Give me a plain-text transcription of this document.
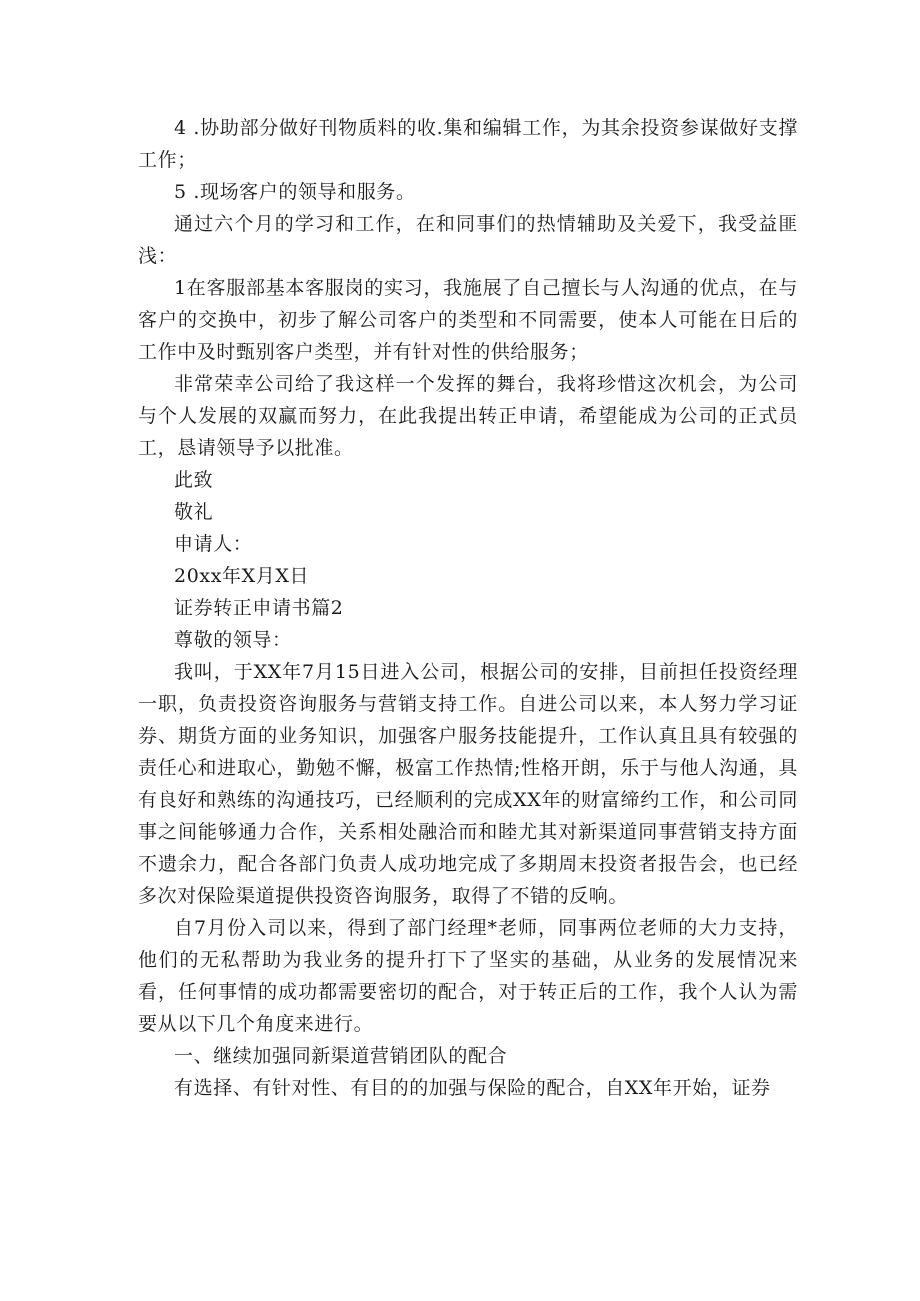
4 .协助部分做好刊物质料的收.集和编辑工作，为其余投资参谋做好支撑工作；

5 .现场客户的领导和服务。

通过六个月的学习和工作，在和同事们的热情辅助及关爱下，我受益匪浅：

1在客服部基本客服岗的实习，我施展了自己擅长与人沟通的优点，在与客户的交换中，初步了解公司客户的类型和不同需要，使本人可能在日后的工作中及时甄别客户类型，并有针对性的供给服务；

非常荣幸公司给了我这样一个发挥的舞台，我将珍惜这次机会，为公司与个人发展的双赢而努力，在此我提出转正申请，希望能成为公司的正式员工，恳请领导予以批准。

此致

敬礼

申请人：

20xx年X月X日

证券转正申请书篇2

尊敬的领导：

我叫，于XX年7月15日进入公司，根据公司的安排，目前担任投资经理一职，负责投资咨询服务与营销支持工作。自进公司以来，本人努力学习证券、期货方面的业务知识，加强客户服务技能提升，工作认真且具有较强的责任心和进取心，勤勉不懈，极富工作热情;性格开朗，乐于与他人沟通，具有良好和熟练的沟通技巧，已经顺利的完成XX年的财富缔约工作，和公司同事之间能够通力合作，关系相处融洽而和睦尤其对新渠道同事营销支持方面不遗余力，配合各部门负责人成功地完成了多期周末投资者报告会，也已经多次对保险渠道提供投资咨询服务，取得了不错的反响。

自7月份入司以来，得到了部门经理*老师，同事两位老师的大力支持，他们的无私帮助为我业务的提升打下了坚实的基础，从业务的发展情况来看，任何事情的成功都需要密切的配合，对于转正后的工作，我个人认为需要从以下几个角度来进行。

一、继续加强同新渠道营销团队的配合

有选择、有针对性、有目的的加强与保险的配合，自XX年开始，证券
